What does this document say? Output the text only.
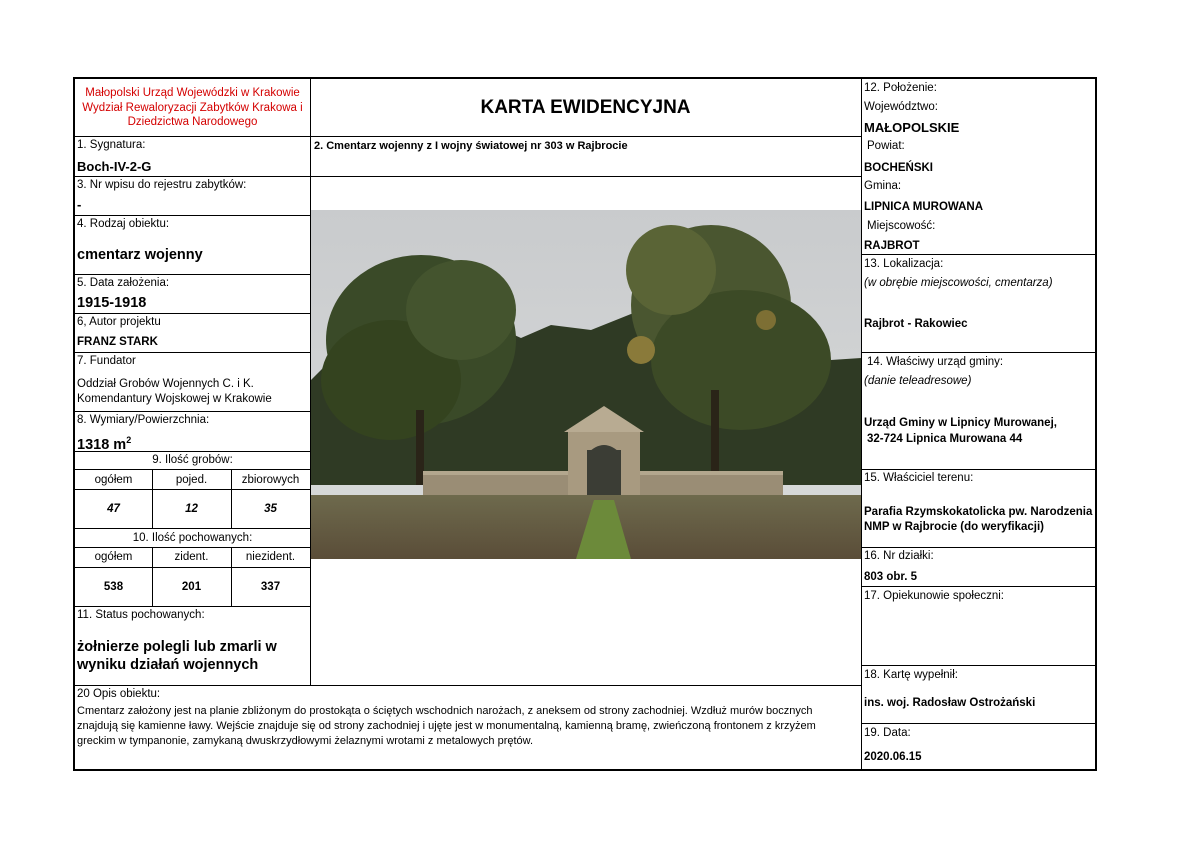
Małopolski Urząd Wojewódzki w Krakowie
Wydział Rewaloryzacji Zabytków Krakowa i
Dziedzictwa Narodowego
KARTA EWIDENCYJNA
1. Sygnatura:
Boch-IV-2-G
3. Nr wpisu do rejestru zabytków:
-
4. Rodzaj obiektu:
cmentarz wojenny
5. Data założenia:
1915-1918
6, Autor projektu
FRANZ STARK
7. Fundator
Oddział Grobów Wojennych C. i K.
Komendantury Wojskowej w Krakowie
8. Wymiary/Powierzchnia:
1318 $m^2$
9. Ilość grobów:
ogółem	pojed.	zbiorowych
47	12	35
10. Ilość pochowanych:
ogółem	zident.	niezident.
538	201	337
11. Status pochowanych:
żołnierze polegli lub zmarli w
wyniku działań wojennych
2. Cmentarz wojenny z I wojny światowej nr 303 w Rajbrocie
12. Położenie:
Województwo:
MAŁOPOLSKIE
Powiat:
BOCHEŃSKI
Gmina:
LIPNICA MUROWANA
Miejscowość:
RAJBROT
13. Lokalizacja:
(w obrębie miejscowości, cmentarza)
Rajbrot - Rakowiec
14. Właściwy urząd gminy:
(danie teleadresowe)
Urząd Gminy w Lipnicy Murowanej,
32-724 Lipnica Murowana 44
15. Właściciel terenu:
Parafia Rzymskokatolicka pw. Narodzenia
NMP w Rajbrocie (do weryfikacji)
16. Nr działki:
803 obr. 5
17. Opiekunowie społeczni:
18. Kartę wypełnił:
ins. woj. Radosław Ostrożański
19. Data:
2020.06.15
20 Opis obiektu:
Cmentarz założony jest na planie zbliżonym do prostokąta o ściętych wschodnich narożach, z aneksem od strony zachodniej. Wzdłuż murów bocznych
znajdują się kamienne ławy. Wejście znajduje się od strony zachodniej i ujęte jest w monumentalną, kamienną bramę, zwieńczoną frontonem z krzyżem
greckim w tympanonie, zamykaną dwuskrzydłowymi żelaznymi wrotami z metalowych prętów.
